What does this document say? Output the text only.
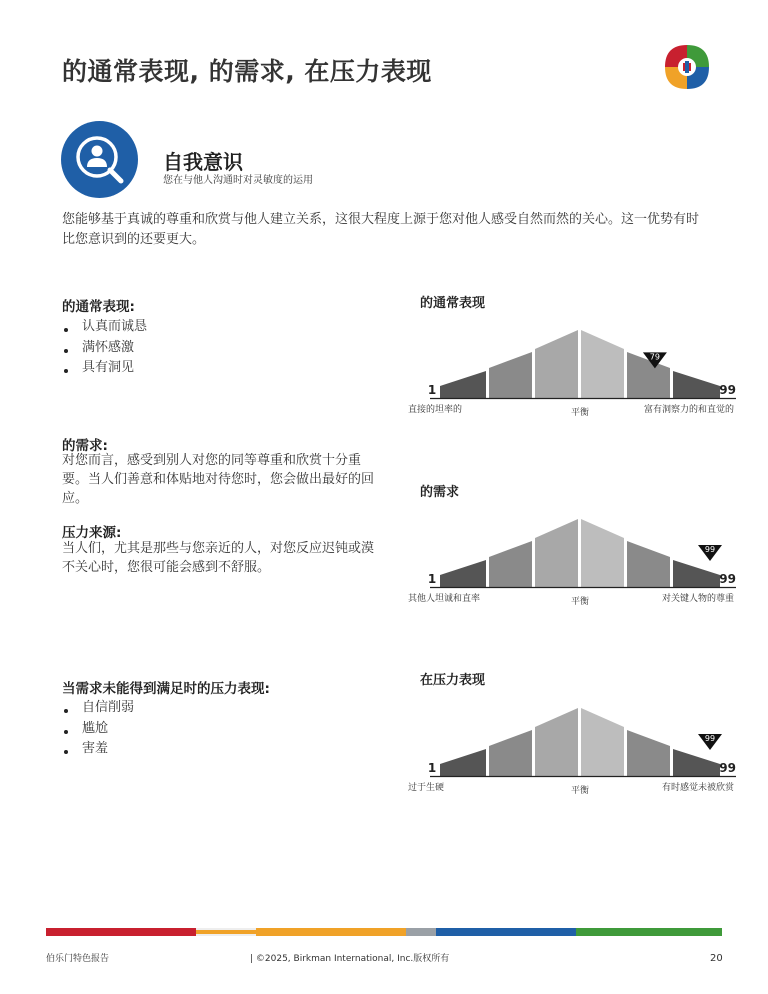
的通常表现, 的需求, 在压力表现
自我意识
您在与他人沟通时对灵敏度的运用
您能够基于真诚的尊重和欣赏与他人建立关系，这很大程度上源于您对他人感受自然而然的关心。这一优势有时比您意识到的还要更大。
的通常表现:
认真而诚恳
满怀感激
具有洞见
的需求:
对您而言，感受到别人对您的同等尊重和欣赏十分重要。当人们善意和体贴地对待您时，您会做出最好的回应。
压力来源:
当人们，尤其是那些与您亲近的人，对您反应迟钝或漠不关心时，您很可能会感到不舒服。
当需求未能得到满足时的压力表现:
自信削弱
尴尬
害羞
的通常表现
的需求
在压力表现
79
1	99
直接的坦率的	平衡	富有洞察力的和直觉的
99
1	99
其他人坦诚和直率	平衡	对关键人物的尊重
99
1	99
过于生硬	平衡	有时感觉未被欣赏
伯乐门特色报告	| ©2025, Birkman International, Inc.版权所有	20
